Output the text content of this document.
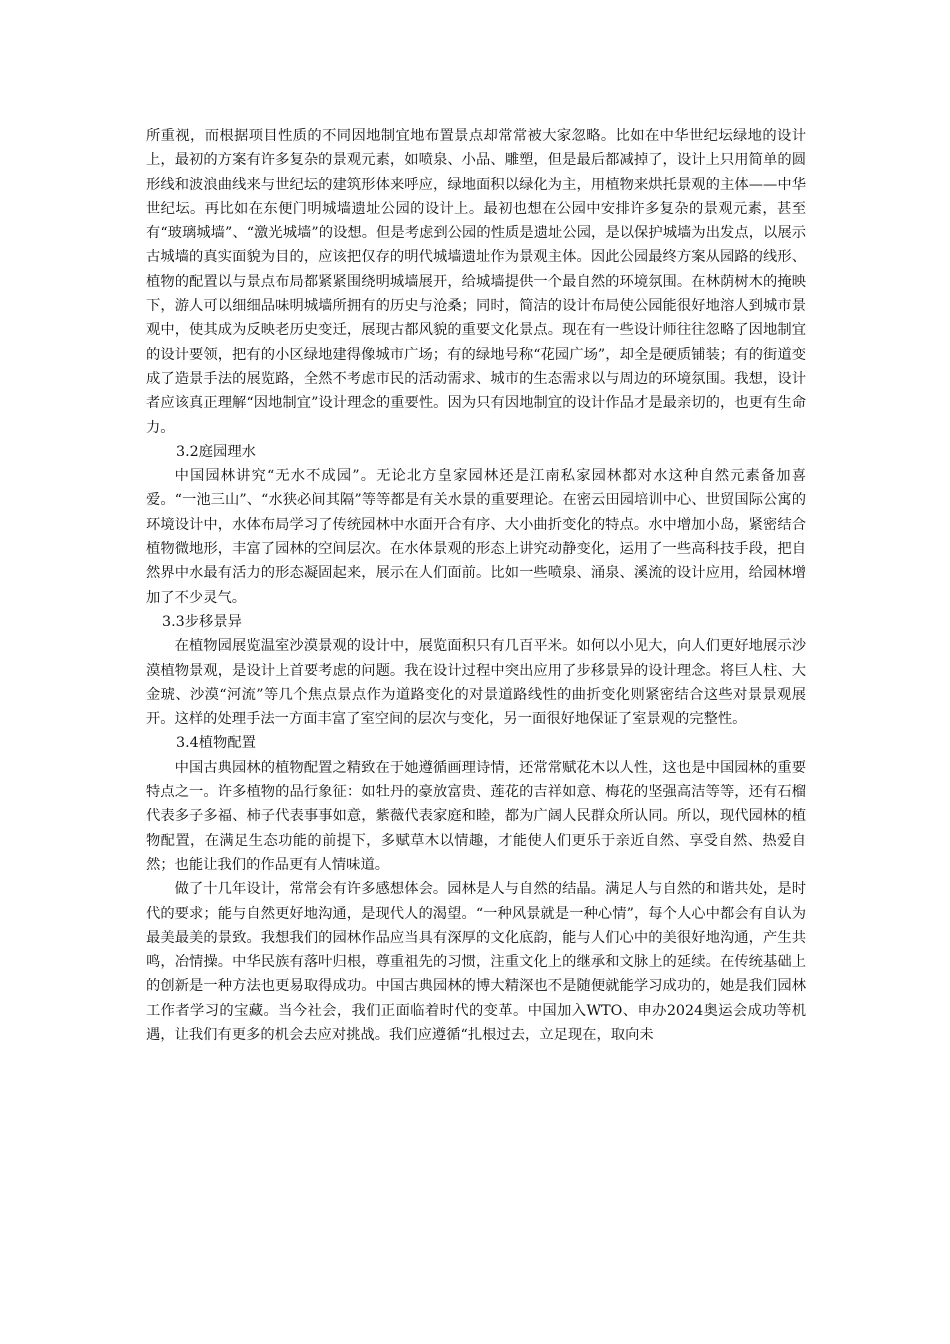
所重视，而根据项目性质的不同因地制宜地布置景点却常常被大家忽略。比如在中华世纪坛绿地的设计上，最初的方案有许多复杂的景观元素，如喷泉、小品、雕塑，但是最后都减掉了，设计上只用简单的圆形线和波浪曲线来与世纪坛的建筑形体来呼应，绿地面积以绿化为主，用植物来烘托景观的主体——中华世纪坛。再比如在东便门明城墙遗址公园的设计上。最初也想在公园中安排许多复杂的景观元素，甚至有“玻璃城墙”、“激光城墙”的设想。但是考虑到公园的性质是遗址公园，是以保护城墙为出发点，以展示古城墙的真实面貌为目的，应该把仅存的明代城墙遗址作为景观主体。因此公园最终方案从园路的线形、植物的配置以与景点布局都紧紧围绕明城墙展开，给城墙提供一个最自然的环境氛围。在林荫树木的掩映下，游人可以细细品味明城墙所拥有的历史与沧桑；同时，简洁的设计布局使公园能很好地溶人到城市景观中，使其成为反映老历史变迁，展现古都风貌的重要文化景点。现在有一些设计师往往忽略了因地制宜的设计要领，把有的小区绿地建得像城市广场；有的绿地号称“花园广场”，却全是硬质铺装；有的街道变成了造景手法的展览路，全然不考虑市民的活动需求、城市的生态需求以与周边的环境氛围。我想，设计者应该真正理解“因地制宜”设计理念的重要性。因为只有因地制宜的设计作品才是最亲切的，也更有生命力。

3.2庭园理水

中国园林讲究“无水不成园”。无论北方皇家园林还是江南私家园林都对水这种自然元素备加喜爱。“一池三山”、“水狭必间其隔”等等都是有关水景的重要理论。在密云田园培训中心、世贸国际公寓的环境设计中，水体布局学习了传统园林中水面开合有序、大小曲折变化的特点。水中增加小岛，紧密结合植物微地形，丰富了园林的空间层次。在水体景观的形态上讲究动静变化，运用了一些高科技手段，把自然界中水最有活力的形态凝固起来，展示在人们面前。比如一些喷泉、涌泉、溪流的设计应用，给园林增加了不少灵气。

3.3步移景异

在植物园展览温室沙漠景观的设计中，展览面积只有几百平米。如何以小见大，向人们更好地展示沙漠植物景观，是设计上首要考虑的问题。我在设计过程中突出应用了步移景异的设计理念。将巨人柱、大金琥、沙漠“河流”等几个焦点景点作为道路变化的对景道路线性的曲折变化则紧密结合这些对景景观展开。这样的处理手法一方面丰富了室空间的层次与变化，另一面很好地保证了室景观的完整性。

3.4植物配置

中国古典园林的植物配置之精致在于她遵循画理诗情，还常常赋花木以人性，这也是中国园林的重要特点之一。许多植物的品行象征：如牡丹的豪放富贵、莲花的吉祥如意、梅花的坚强高洁等等，还有石榴代表多子多福、柿子代表事事如意，紫薇代表家庭和睦，都为广阔人民群众所认同。所以，现代园林的植物配置，在满足生态功能的前提下，多赋草木以情趣，才能使人们更乐于亲近自然、享受自然、热爱自然；也能让我们的作品更有人情味道。

做了十几年设计，常常会有许多感想体会。园林是人与自然的结晶。满足人与自然的和谐共处，是时代的要求；能与自然更好地沟通，是现代人的渴望。“一种风景就是一种心情”，每个人心中都会有自认为最美最美的景致。我想我们的园林作品应当具有深厚的文化底韵，能与人们心中的美很好地沟通，产生共鸣，冶情操。中华民族有落叶归根，尊重祖先的习惯，注重文化上的继承和文脉上的延续。在传统基础上的创新是一种方法也更易取得成功。中国古典园林的博大精深也不是随便就能学习成功的，她是我们园林工作者学习的宝藏。当今社会，我们正面临着时代的变革。中国加入WTO、申办2024奥运会成功等机遇，让我们有更多的机会去应对挑战。我们应遵循“扎根过去，立足现在，取向未
